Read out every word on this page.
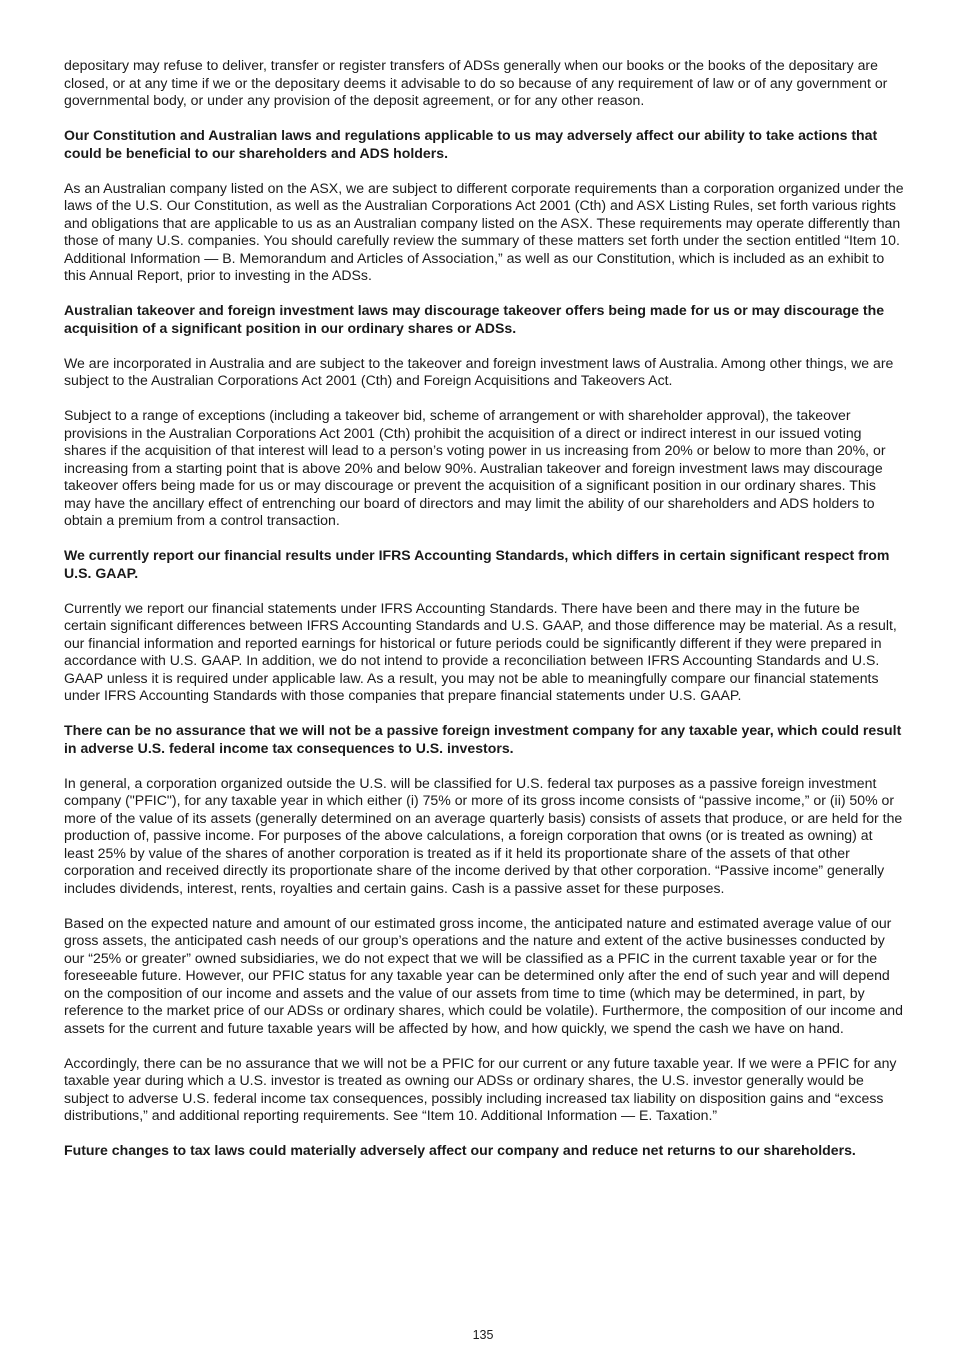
depositary may refuse to deliver, transfer or register transfers of ADSs generally when our books or the books of the depositary are closed, or at any time if we or the depositary deems it advisable to do so because of any requirement of law or of any government or governmental body, or under any provision of the deposit agreement, or for any other reason.

Our Constitution and Australian laws and regulations applicable to us may adversely affect our ability to take actions that could be beneficial to our shareholders and ADS holders.

As an Australian company listed on the ASX, we are subject to different corporate requirements than a corporation organized under the laws of the U.S. Our Constitution, as well as the Australian Corporations Act 2001 (Cth) and ASX Listing Rules, set forth various rights and obligations that are applicable to us as an Australian company listed on the ASX. These requirements may operate differently than those of many U.S. companies. You should carefully review the summary of these matters set forth under the section entitled “Item 10. Additional Information — B. Memorandum and Articles of Association,” as well as our Constitution, which is included as an exhibit to this Annual Report, prior to investing in the ADSs.

Australian takeover and foreign investment laws may discourage takeover offers being made for us or may discourage the acquisition of a significant position in our ordinary shares or ADSs.

We are incorporated in Australia and are subject to the takeover and foreign investment laws of Australia. Among other things, we are subject to the Australian Corporations Act 2001 (Cth) and Foreign Acquisitions and Takeovers Act.

Subject to a range of exceptions (including a takeover bid, scheme of arrangement or with shareholder approval), the takeover provisions in the Australian Corporations Act 2001 (Cth) prohibit the acquisition of a direct or indirect interest in our issued voting shares if the acquisition of that interest will lead to a person’s voting power in us increasing from 20% or below to more than 20%, or increasing from a starting point that is above 20% and below 90%. Australian takeover and foreign investment laws may discourage takeover offers being made for us or may discourage or prevent the acquisition of a significant position in our ordinary shares. This may have the ancillary effect of entrenching our board of directors and may limit the ability of our shareholders and ADS holders to obtain a premium from a control transaction.

We currently report our financial results under IFRS Accounting Standards, which differs in certain significant respect from U.S. GAAP.

Currently we report our financial statements under IFRS Accounting Standards. There have been and there may in the future be certain significant differences between IFRS Accounting Standards and U.S. GAAP, and those difference may be material. As a result, our financial information and reported earnings for historical or future periods could be significantly different if they were prepared in accordance with U.S. GAAP. In addition, we do not intend to provide a reconciliation between IFRS Accounting Standards and U.S. GAAP unless it is required under applicable law. As a result, you may not be able to meaningfully compare our financial statements under IFRS Accounting Standards with those companies that prepare financial statements under U.S. GAAP.

There can be no assurance that we will not be a passive foreign investment company for any taxable year, which could result in adverse U.S. federal income tax consequences to U.S. investors.

In general, a corporation organized outside the U.S. will be classified for U.S. federal tax purposes as a passive foreign investment company ("PFIC"), for any taxable year in which either (i) 75% or more of its gross income consists of “passive income,” or (ii) 50% or more of the value of its assets (generally determined on an average quarterly basis) consists of assets that produce, or are held for the production of, passive income. For purposes of the above calculations, a foreign corporation that owns (or is treated as owning) at least 25% by value of the shares of another corporation is treated as if it held its proportionate share of the assets of that other corporation and received directly its proportionate share of the income derived by that other corporation. “Passive income” generally includes dividends, interest, rents, royalties and certain gains. Cash is a passive asset for these purposes.

Based on the expected nature and amount of our estimated gross income, the anticipated nature and estimated average value of our gross assets, the anticipated cash needs of our group’s operations and the nature and extent of the active businesses conducted by our “25% or greater” owned subsidiaries, we do not expect that we will be classified as a PFIC in the current taxable year or for the foreseeable future. However, our PFIC status for any taxable year can be determined only after the end of such year and will depend on the composition of our income and assets and the value of our assets from time to time (which may be determined, in part, by reference to the market price of our ADSs or ordinary shares, which could be volatile). Furthermore, the composition of our income and assets for the current and future taxable years will be affected by how, and how quickly, we spend the cash we have on hand.

Accordingly, there can be no assurance that we will not be a PFIC for our current or any future taxable year. If we were a PFIC for any taxable year during which a U.S. investor is treated as owning our ADSs or ordinary shares, the U.S. investor generally would be subject to adverse U.S. federal income tax consequences, possibly including increased tax liability on disposition gains and “excess distributions,” and additional reporting requirements. See “Item 10. Additional Information — E. Taxation.”

Future changes to tax laws could materially adversely affect our company and reduce net returns to our shareholders.

135
